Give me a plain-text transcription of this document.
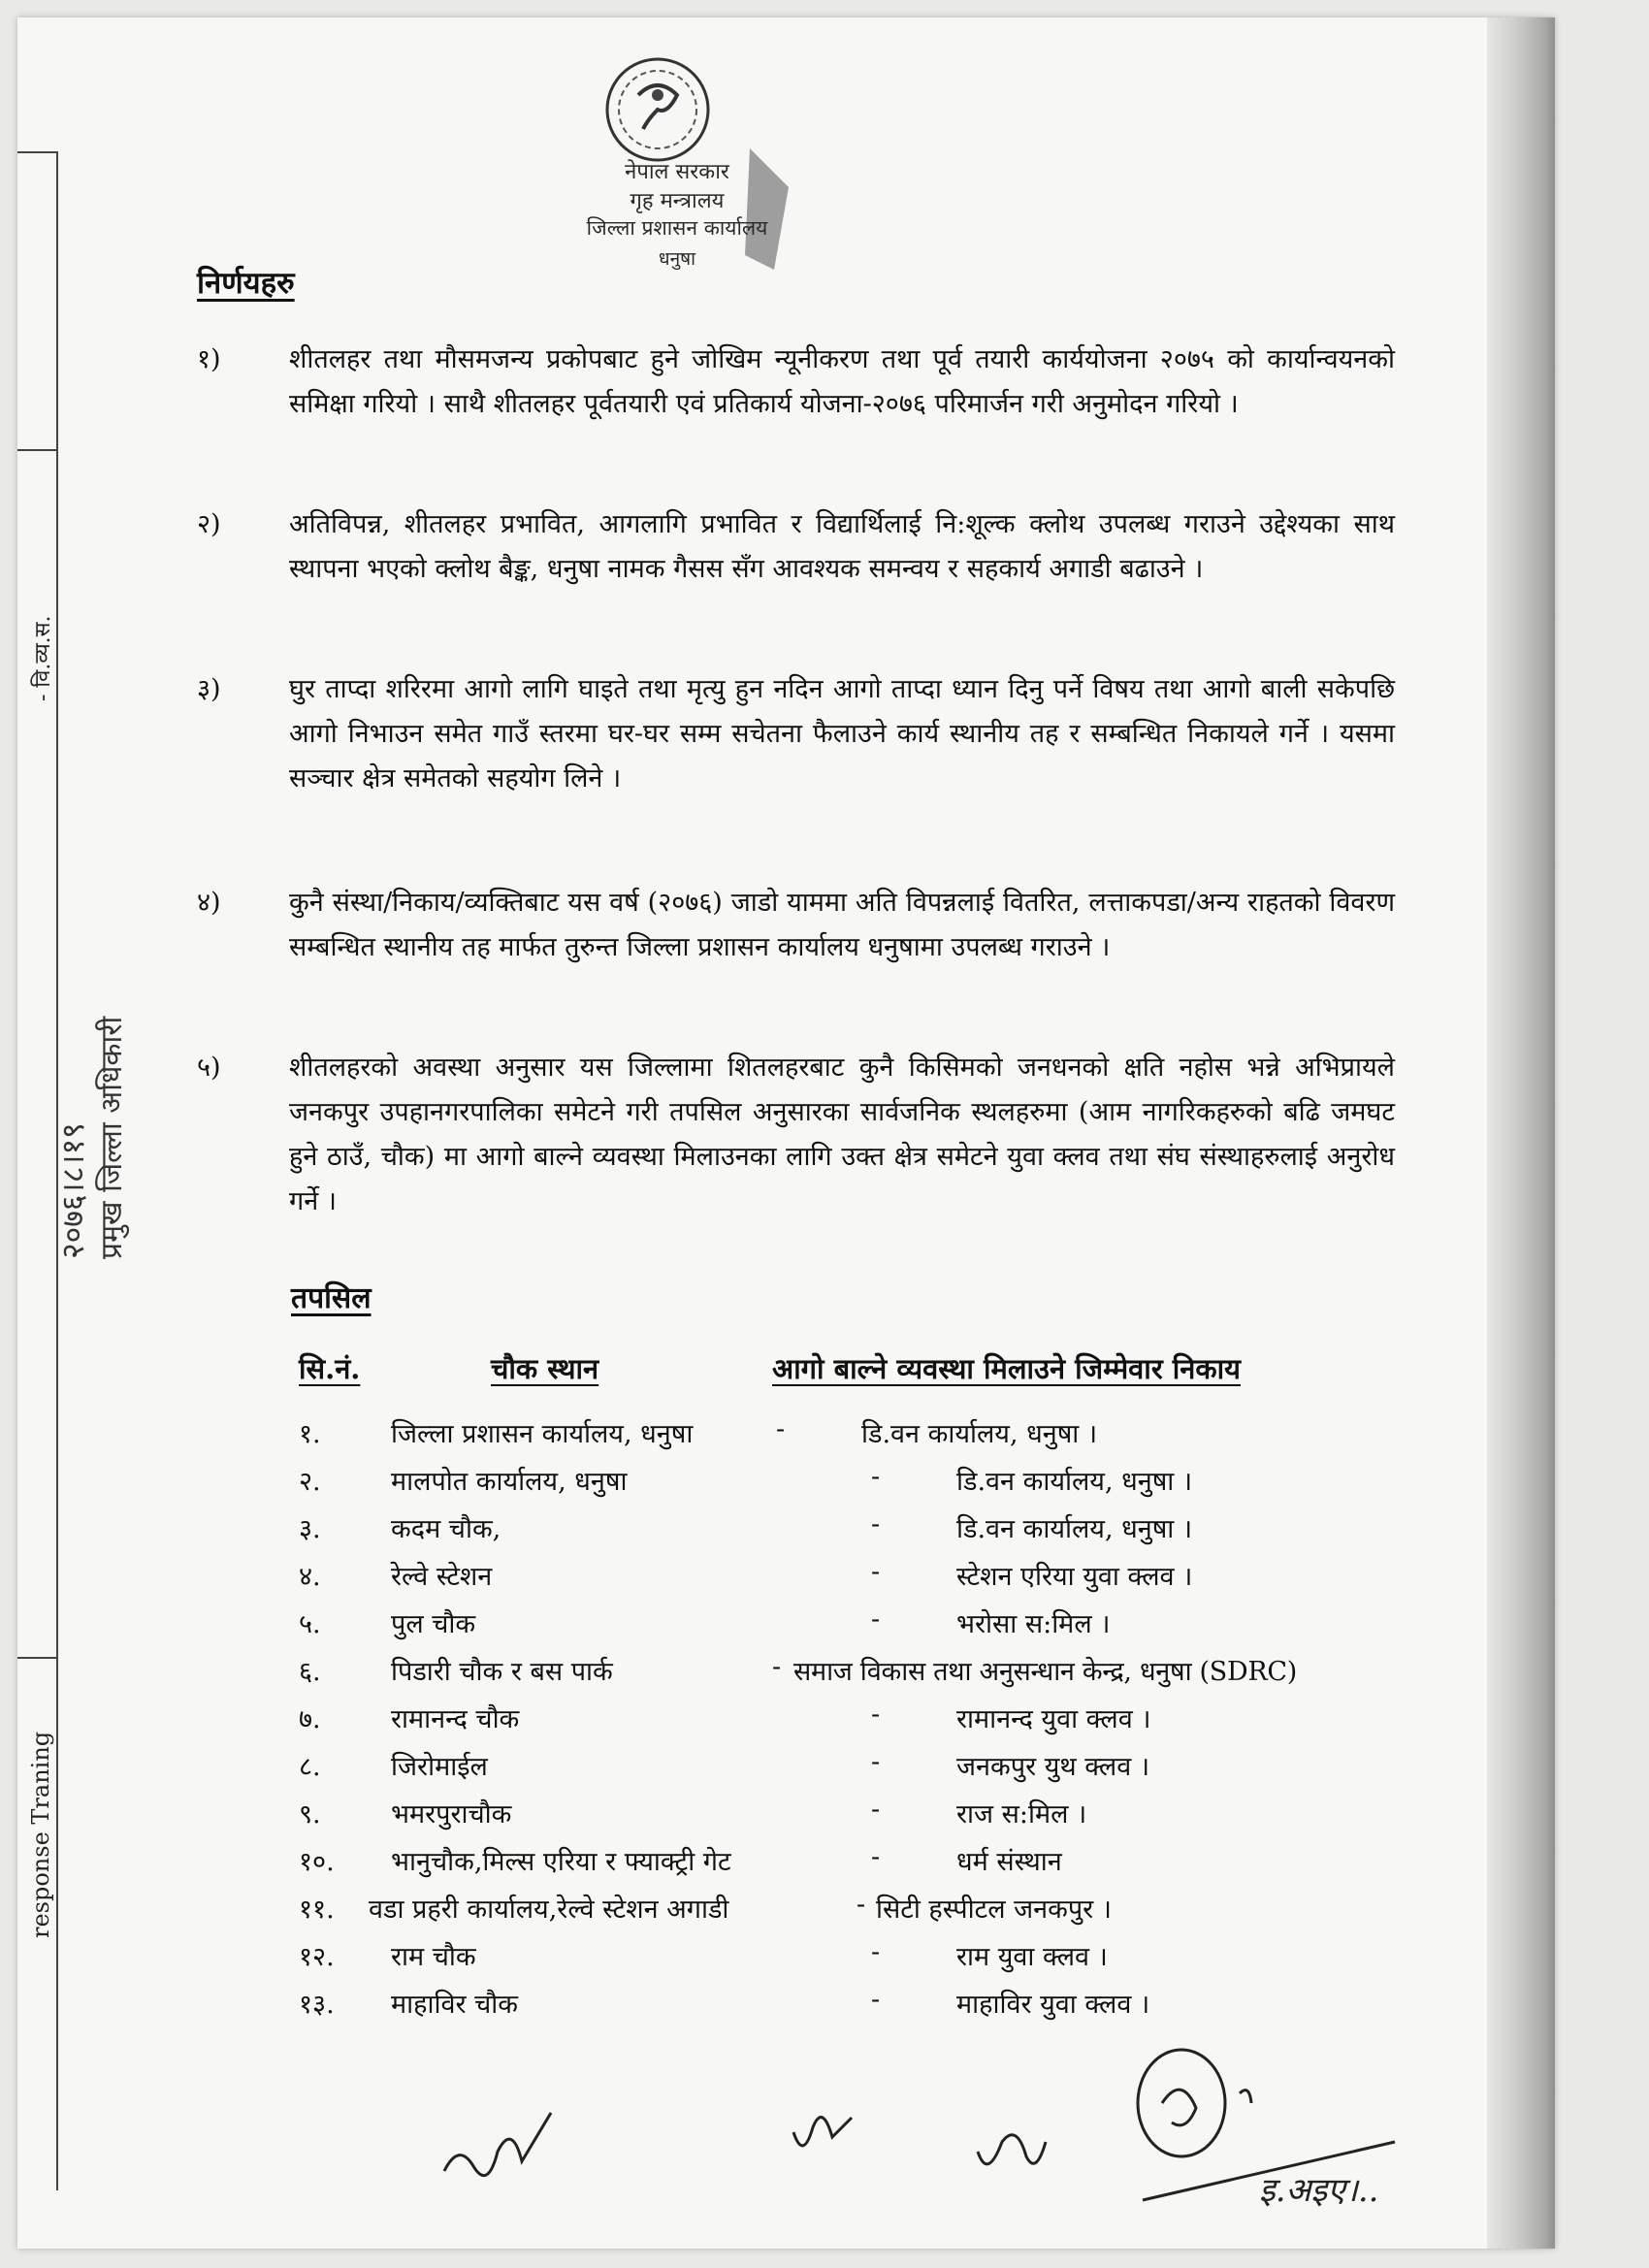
- वि.व्य.स.
response Traning
नेपाल सरकार
गृह मन्त्रालय
जिल्ला प्रशासन कार्यालय
धनुषा
२०७६।८।१९ प्रमुख जिल्ला अधिकारी
निर्णयहरु
१)	शीतलहर तथा मौसमजन्य प्रकोपबाट हुने जोखिम न्यूनीकरण तथा पूर्व तयारी कार्ययोजना २०७५ को कार्यान्वयनको समिक्षा गरियो । साथै शीतलहर पूर्वतयारी एवं प्रतिकार्य योजना-२०७६ परिमार्जन गरी अनुमोदन गरियो ।
२)	अतिविपन्न, शीतलहर प्रभावित, आगलागि प्रभावित र विद्यार्थिलाई नि:शूल्क क्लोथ उपलब्ध गराउने उद्देश्यका साथ स्थापना भएको क्लोथ बैङ्क, धनुषा नामक गैसस सँग आवश्यक समन्वय र सहकार्य अगाडी बढाउने ।
३)	घुर ताप्दा शरिरमा आगो लागि घाइते तथा मृत्यु हुन नदिन आगो ताप्दा ध्यान दिनु पर्ने विषय तथा आगो बाली सकेपछि आगो निभाउन समेत गाउँ स्तरमा घर-घर सम्म सचेतना फैलाउने कार्य स्थानीय तह र सम्बन्धित निकायले गर्ने । यसमा सञ्चार क्षेत्र समेतको सहयोग लिने ।
४)	कुनै संस्था/निकाय/व्यक्तिबाट यस वर्ष (२०७६) जाडो याममा अति विपन्नलाई वितरित, लत्ताकपडा/अन्य राहतको विवरण सम्बन्धित स्थानीय तह मार्फत तुरुन्त जिल्ला प्रशासन कार्यालय धनुषामा उपलब्ध गराउने ।
५)	शीतलहरको अवस्था अनुसार यस जिल्लामा शितलहरबाट कुनै किसिमको जनधनको क्षति नहोस भन्ने अभिप्रायले जनकपुर उपहानगरपालिका समेटने गरी तपसिल अनुसारका सार्वजनिक स्थलहरुमा (आम नागरिकहरुको बढि जमघट हुने ठाउँ, चौक) मा आगो बाल्ने व्यवस्था मिलाउनका लागि उक्त क्षेत्र समेटने युवा क्लव तथा संघ संस्थाहरुलाई अनुरोध गर्ने ।
तपसिल
सि.नं.	चौक स्थान	आगो बाल्ने व्यवस्था मिलाउने जिम्मेवार निकाय
१.	जिल्ला प्रशासन कार्यालय, धनुषा	-	डि.वन कार्यालय, धनुषा ।
२.	मालपोत कार्यालय, धनुषा	-	डि.वन कार्यालय, धनुषा ।
३.	कदम चौक,	-	डि.वन कार्यालय, धनुषा ।
४.	रेल्वे स्टेशन	-	स्टेशन एरिया युवा क्लव ।
५.	पुल चौक	-	भरोसा स:मिल ।
६.	पिडारी चौक र बस पार्क	- समाज विकास तथा अनुसन्धान केन्द्र, धनुषा (SDRC)
७.	रामानन्द चौक	-	रामानन्द युवा क्लव ।
८.	जिरोमाईल	-	जनकपुर युथ क्लव ।
९.	भमरपुराचौक	-	राज स:मिल ।
१०. भानुचौक,मिल्स एरिया र फ्याक्ट्री गेट	-	धर्म संस्थान
११. वडा प्रहरी कार्यालय,रेल्वे स्टेशन अगाडी	- सिटी हस्पीटल जनकपुर ।
१२. राम चौक	-	राम युवा क्लव ।
१३. माहाविर चौक	-	माहाविर युवा क्लव ।
इ.अइए।..
